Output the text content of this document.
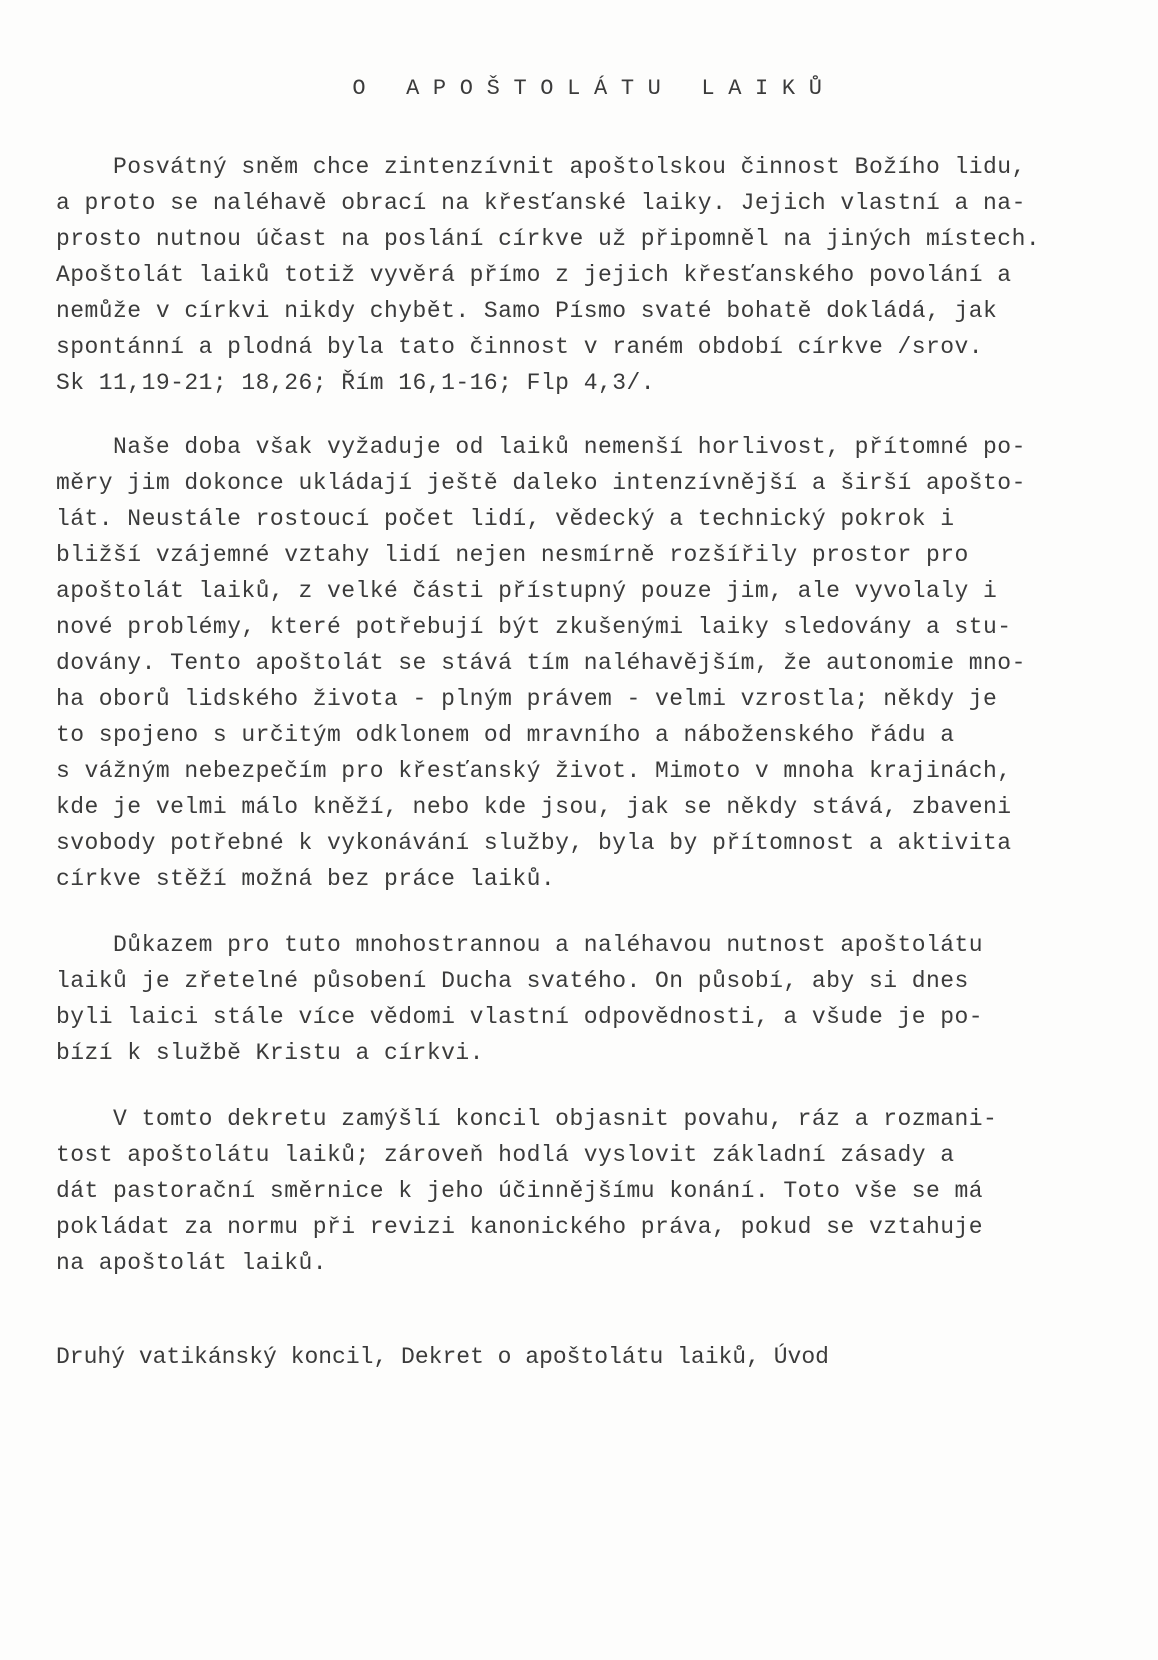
O APOŠTOLÁTU LAIKŮ
Posvátný sněm chce zintenzívnit apoštolskou činnost Božího lidu,
a proto se naléhavě obrací na křesťanské laiky. Jejich vlastní a na-
prosto nutnou účast na poslání církve už připomněl na jiných místech.
Apoštolát laiků totiž vyvěrá přímo z jejich křesťanského povolání a
nemůže v církvi nikdy chybět. Samo Písmo svaté bohatě dokládá, jak
spontánní a plodná byla tato činnost v raném období církve /srov.
Sk 11,19-21; 18,26; Řím 16,1-16; Flp 4,3/.
Naše doba však vyžaduje od laiků nemenší horlivost, přítomné po-
měry jim dokonce ukládají ještě daleko intenzívnější a širší apošto-
lát. Neustále rostoucí počet lidí, vědecký a technický pokrok i
bližší vzájemné vztahy lidí nejen nesmírně rozšířily prostor pro
apoštolát laiků, z velké části přístupný pouze jim, ale vyvolaly i
nové problémy, které potřebují být zkušenými laiky sledovány a stu-
dovány. Tento apoštolát se stává tím naléhavějším, že autonomie mno-
ha oborů lidského života - plným právem - velmi vzrostla; někdy je
to spojeno s určitým odklonem od mravního a náboženského řádu a
s vážným nebezpečím pro křesťanský život. Mimoto v mnoha krajinách,
kde je velmi málo kněží, nebo kde jsou, jak se někdy stává, zbaveni
svobody potřebné k vykonávání služby, byla by přítomnost a aktivita
církve stěží možná bez práce laiků.
Důkazem pro tuto mnohostrannou a naléhavou nutnost apoštolátu
laiků je zřetelné působení Ducha svatého. On působí, aby si dnes
byli laici stále více vědomi vlastní odpovědnosti, a všude je po-
bízí k službě Kristu a církvi.
V tomto dekretu zamýšlí koncil objasnit povahu, ráz a rozmani-
tost apoštolátu laiků; zároveň hodlá vyslovit základní zásady a
dát pastorační směrnice k jeho účinnějšímu konání. Toto vše se má
pokládat za normu při revizi kanonického práva, pokud se vztahuje
na apoštolát laiků.
Druhý vatikánský koncil, Dekret o apoštolátu laiků, Úvod
